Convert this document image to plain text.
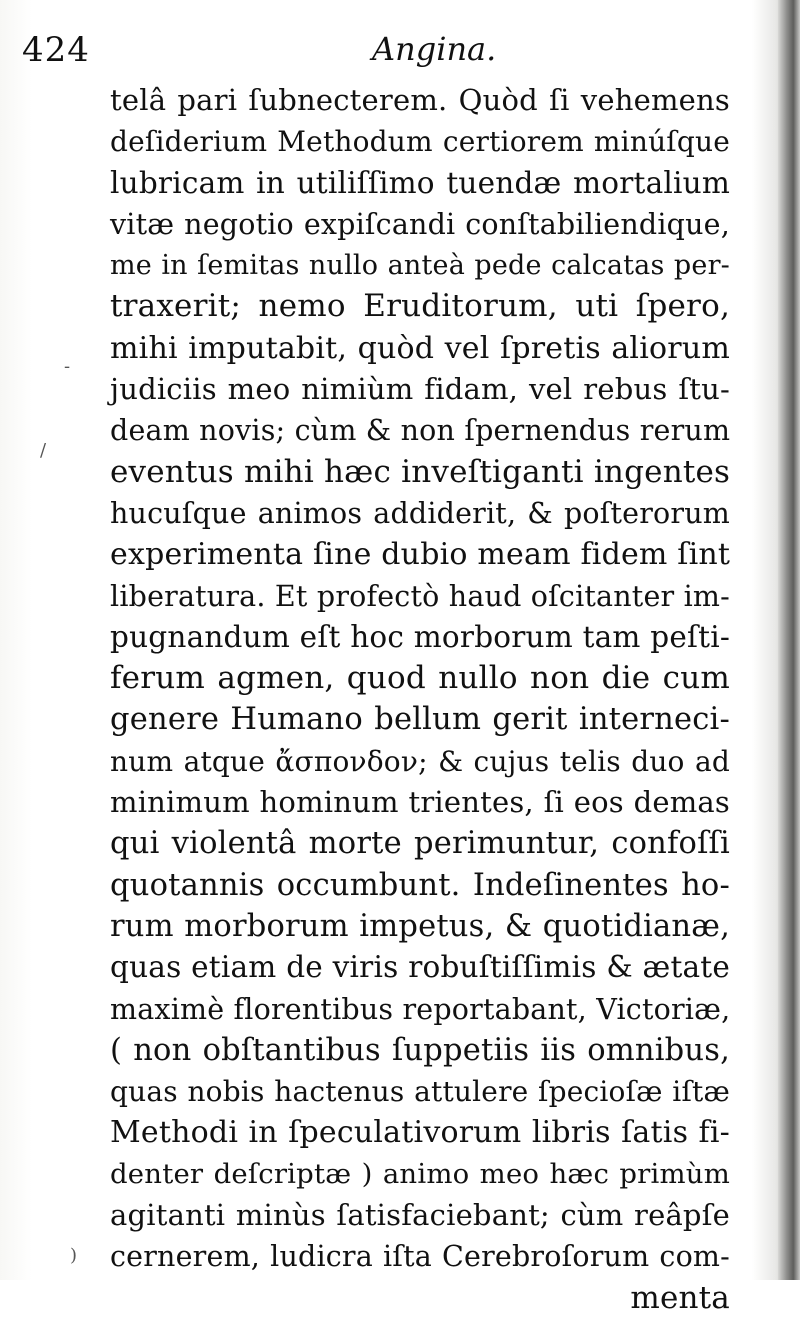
424	Angina.
telâ pari ſubnecterem. Quòd ſi vehemens
deſiderium Methodum certiorem minúſque
lubricam in utiliſſimo tuendæ mortalium
vitæ negotio expiſcandi conſtabiliendique,
me in ſemitas nullo anteà pede calcatas per-
traxerit; nemo Eruditorum, uti ſpero,
mihi imputabit, quòd vel ſpretis aliorum
judiciis meo nimiùm fidam, vel rebus ſtu-
deam novis; cùm & non ſpernendus rerum
eventus mihi hæc inveſtiganti ingentes
hucuſque animos addiderit, & poſterorum
experimenta ſine dubio meam fidem ſint
liberatura. Et profectò haud oſcitanter im-
pugnandum eſt hoc morborum tam peſti-
ferum agmen, quod nullo non die cum
genere Humano bellum gerit interneci-
num atque ἄσπονδον; & cujus telis duo ad
minimum hominum trientes, ſi eos demas
qui violentâ morte perimuntur, confoſſi
quotannis occumbunt. Indeſinentes ho-
rum morborum impetus, & quotidianæ,
quas etiam de viris robuſtiſſimis & ætate
maximè florentibus reportabant, Victoriæ,
( non obſtantibus ſuppetiis iis omnibus,
quas nobis hactenus attulere ſpecioſæ iſtæ
Methodi in ſpeculativorum libris ſatis fi-
denter deſcriptæ ) animo meo hæc primùm
agitanti minùs ſatisfaciebant; cùm reâpſe
cernerem, ludicra iſta Cerebroſorum com-
menta
-
/
)
